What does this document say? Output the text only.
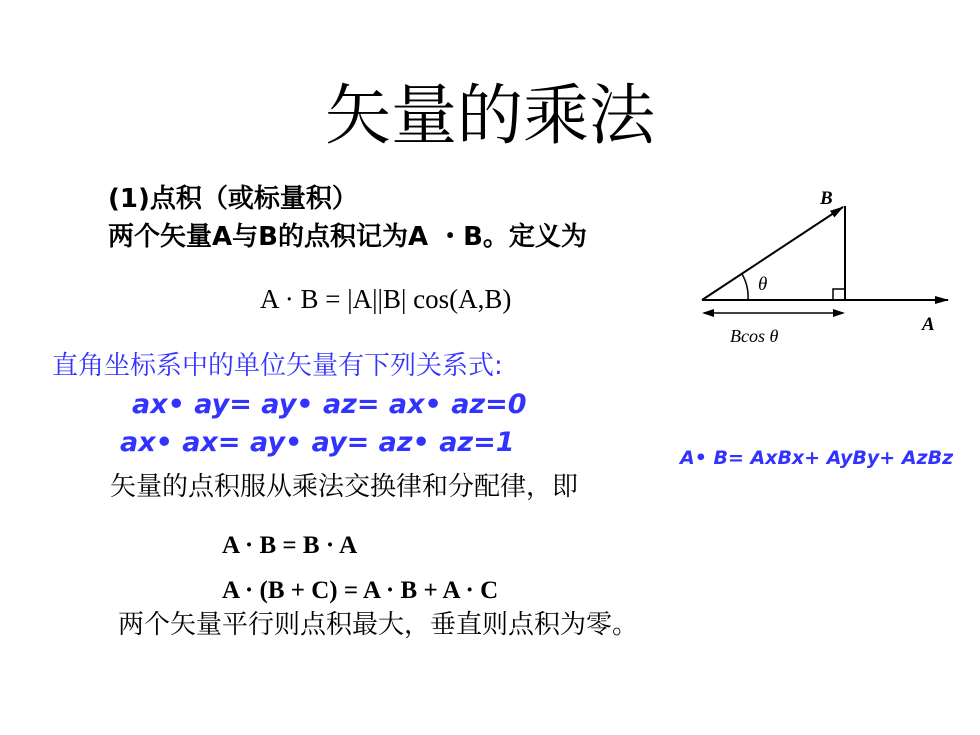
矢量的乘法
(1)点积（或标量积）
两个矢量A与B的点积记为A ・B。定义为
A · B = |A||B| cos(A,B)
B
A
θ
Bcos θ
直角坐标系中的单位矢量有下列关系式:
ax• ay= ay• az= ax• az=0
ax• ax= ay• ay= az• az=1	A• B= AxBx+ AyBy+ AzBz
矢量的点积服从乘法交换律和分配律，即
A · B = B · A
A · (B + C) = A · B + A · C
两个矢量平行则点积最大，垂直则点积为零。
